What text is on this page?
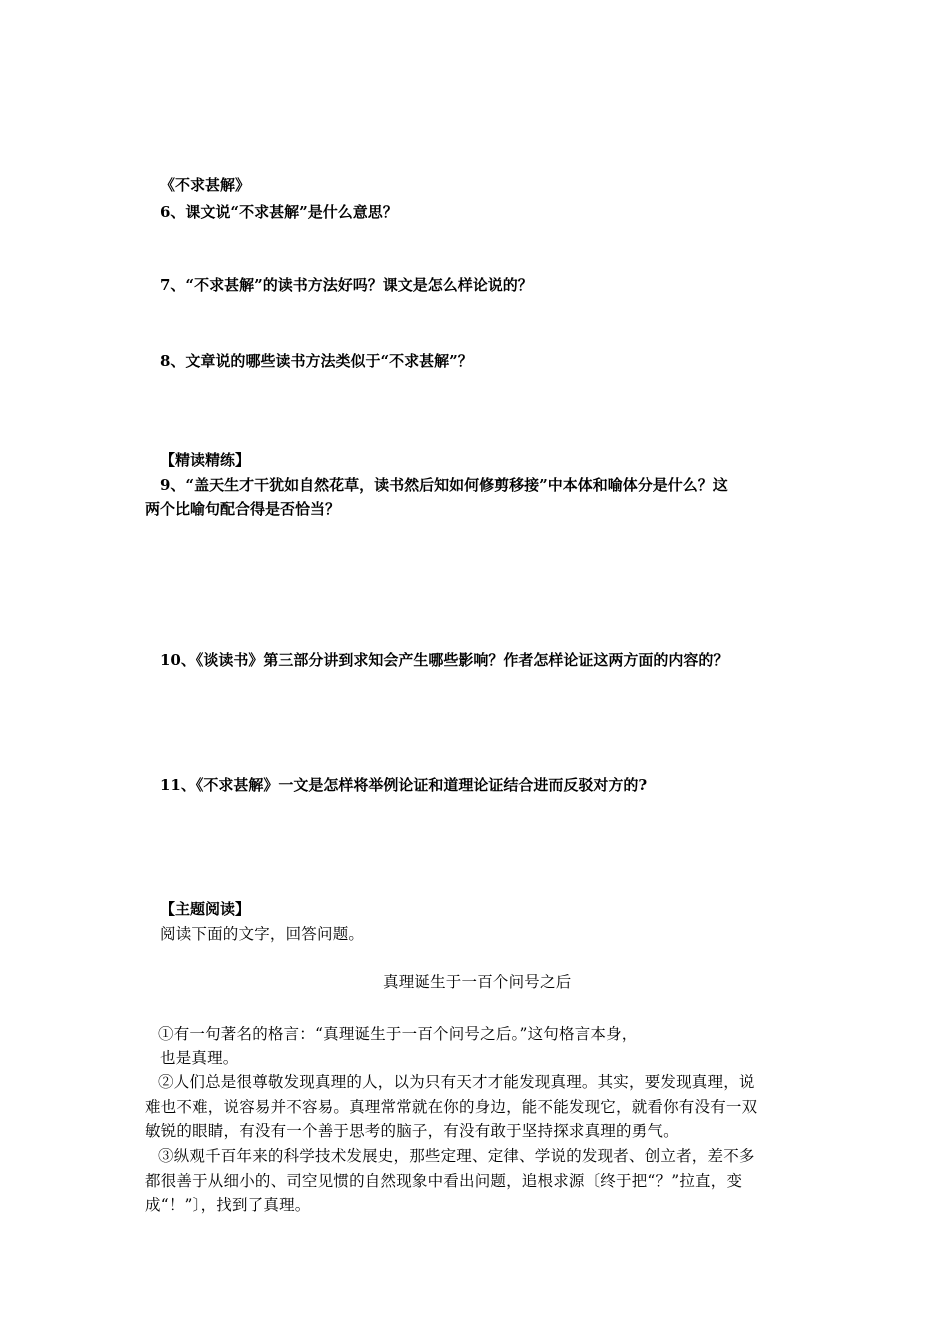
《不求甚解》
6、课文说“不求甚解”是什么意思？
7、“不求甚解”的读书方法好吗？课文是怎么样论说的？
8、文章说的哪些读书方法类似于“不求甚解”？
【精读精练】
9、“盖天生才干犹如自然花草，读书然后知如何修剪移接”中本体和喻体分是什么？这
两个比喻句配合得是否恰当？
10、《谈读书》第三部分讲到求知会产生哪些影响？作者怎样论证这两方面的内容的？
11、《不求甚解》一文是怎样将举例论证和道理论证结合进而反驳对方的?
【主题阅读】
阅读下面的文字，回答问题。
真理诞生于一百个问号之后
①有一句著名的格言：“真理诞生于一百个问号之后。”这句格言本身，
也是真理。
②人们总是很尊敬发现真理的人，以为只有天才才能发现真理。其实，要发现真理，说
难也不难，说容易并不容易。真理常常就在你的身边，能不能发现它，就看你有没有一双
敏锐的眼睛，有没有一个善于思考的脑子，有没有敢于坚持探求真理的勇气。
③纵观千百年来的科学技术发展史，那些定理、定律、学说的发现者、创立者，差不多
都很善于从细小的、司空见惯的自然现象中看出问题，追根求源〔终于把“？”拉直，变
成“！”〕，找到了真理。
